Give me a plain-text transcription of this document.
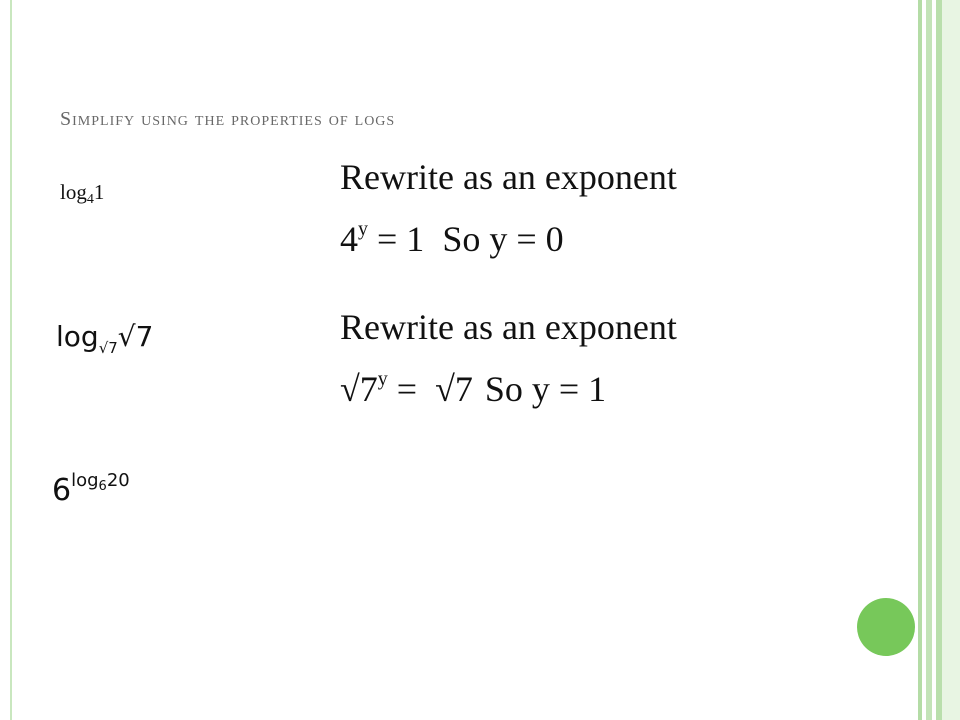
Simplify using the properties of logs
$\log_41$	Rewrite as an exponent
$4^y = 1$ So y = 0
$\log_{√7}√7$	Rewrite as an exponent
$√7^y = √7$ So y = 1
$6^{log_620}$
